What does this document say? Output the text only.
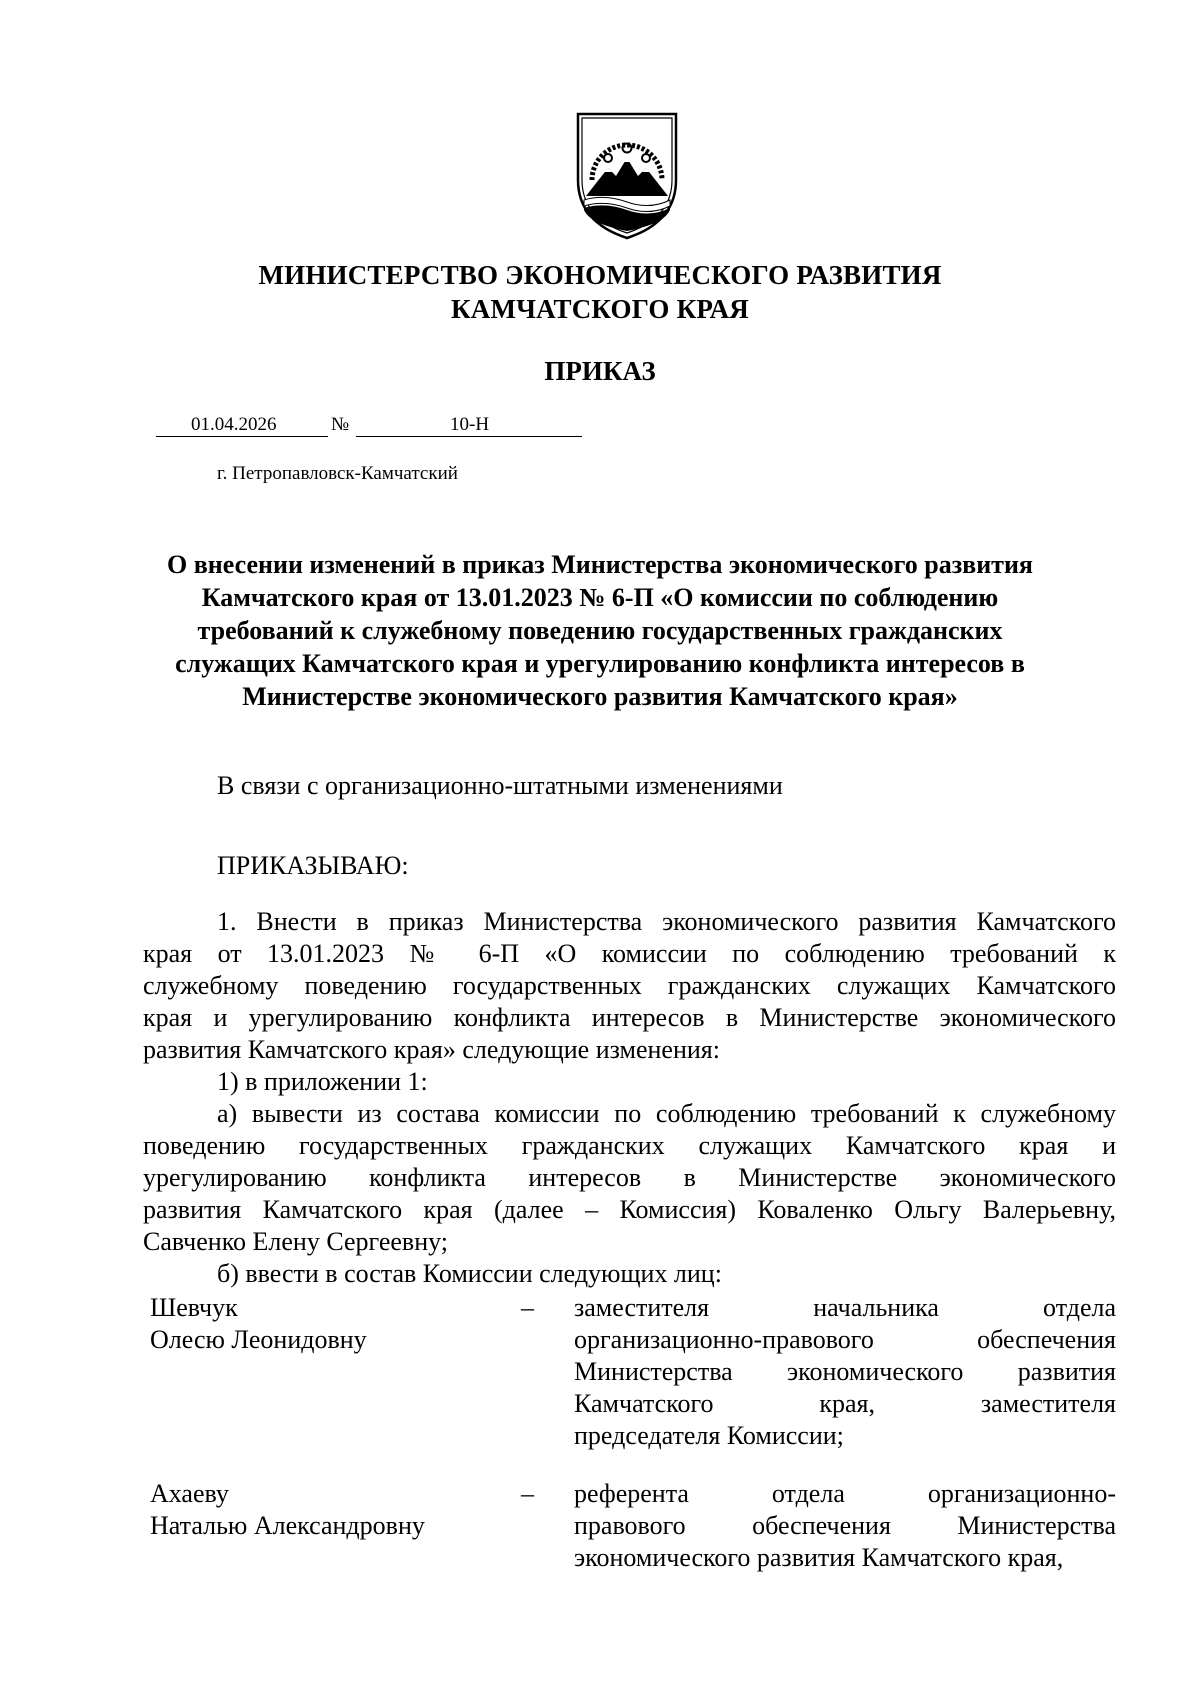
МИНИСТЕРСТВО ЭКОНОМИЧЕСКОГО РАЗВИТИЯ
КАМЧАТСКОГО КРАЯ
ПРИКАЗ
01.04.2026	№	10-Н
г. Петропавловск-Камчатский
О внесении изменений в приказ Министерства экономического развития
Камчатского края от 13.01.2023 № 6-П «О комиссии по соблюдению
требований к служебному поведению государственных гражданских
служащих Камчатского края и урегулированию конфликта интересов в
Министерстве экономического развития Камчатского края»
В связи с организационно-штатными изменениями
ПРИКАЗЫВАЮ:
1. Внести в приказ Министерства экономического развития Камчатского
края от 13.01.2023 № 6-П «О комиссии по соблюдению требований к
служебному поведению государственных гражданских служащих Камчатского
края и урегулированию конфликта интересов в Министерстве экономического
развития Камчатского края» следующие изменения:
1) в приложении 1:
а) вывести из состава комиссии по соблюдению требований к служебному
поведению государственных гражданских служащих Камчатского края и
урегулированию конфликта интересов в Министерстве экономического
развития Камчатского края (далее – Комиссия) Коваленко Ольгу Валерьевну,
Савченко Елену Сергеевну;
б) ввести в состав Комиссии следующих лиц:
Шевчук
Олесю Леонидовну
– заместителя начальника отдела
организационно-правового обеспечения
Министерства экономического развития
Камчатского края, заместителя
председателя Комиссии;
Ахаеву
Наталью Александровну
– референта отдела организационно-
правового обеспечения Министерства
экономического развития Камчатского края,
